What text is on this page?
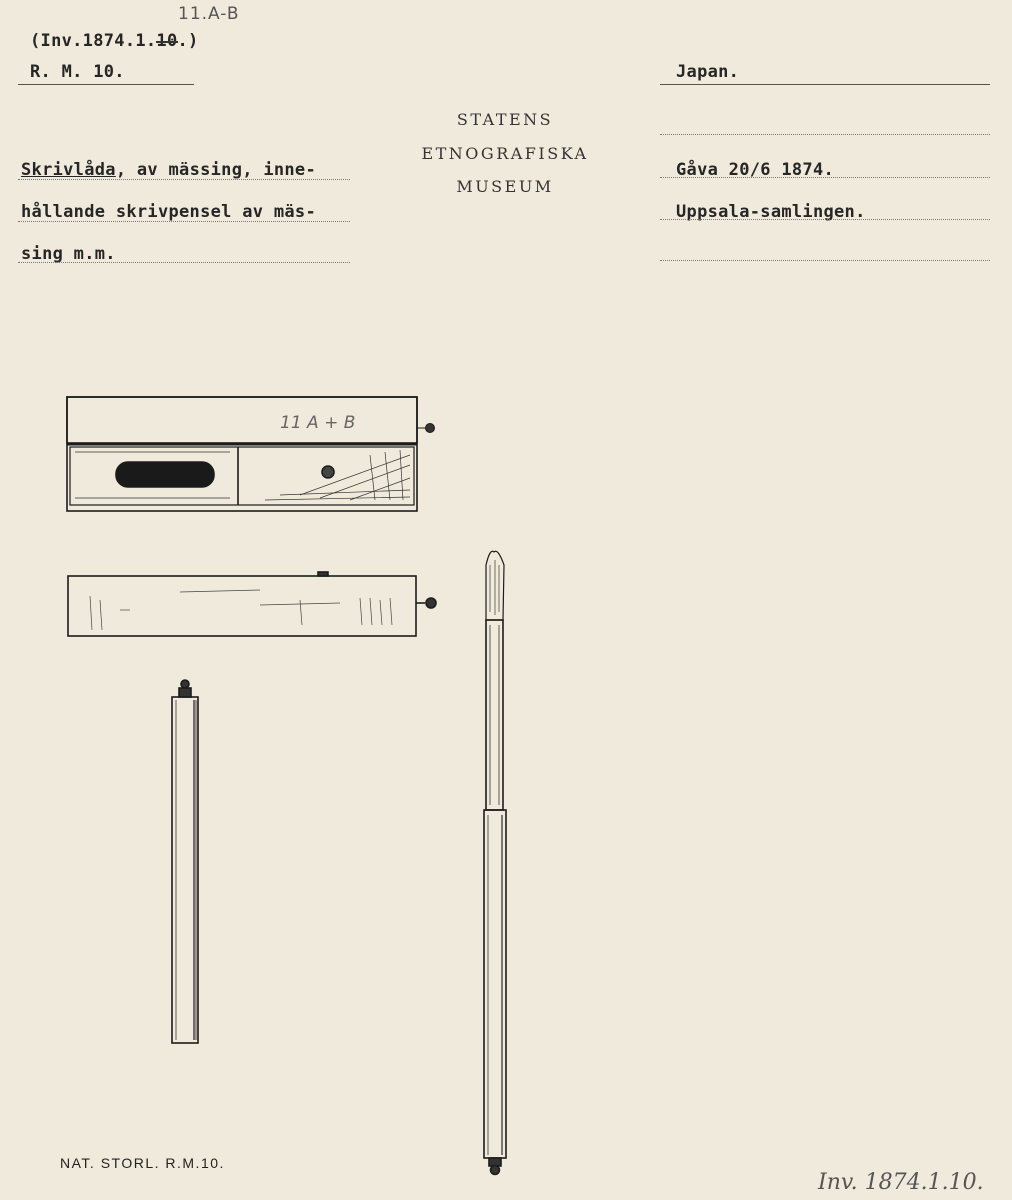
(Inv.1874.1.10.)
11.A-B
R. M. 10.	Japan.
STATENS
ETNOGRAFISKA
MUSEUM
Skrivlåda, av mässing, inne-
hållande skrivpensel av mäs-
sing m.m.
Gåva 20/6 1874.
Uppsala-samlingen.
11 A + B
NAT. STORL. R.M.10.
Inv. 1874.1.10.
